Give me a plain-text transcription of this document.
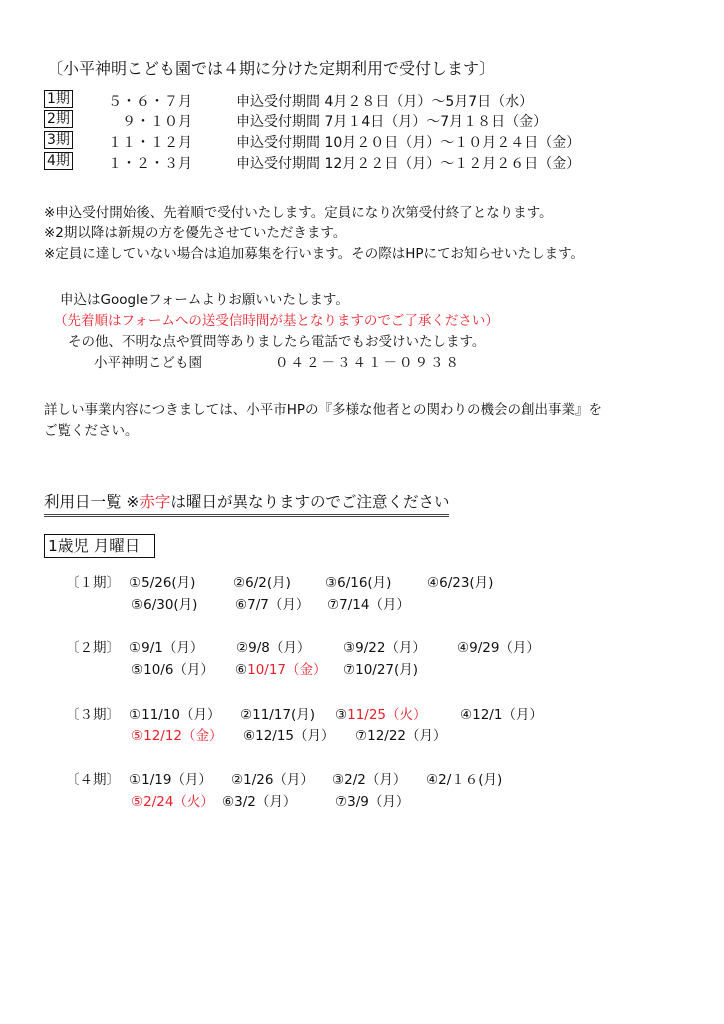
〔小平神明こども園では４期に分けた定期利用で受付します〕
1期	５・６・７月	申込受付期間 4月２８日（月）～5月7日（水）
2期	９・１０月	申込受付期間 7月１4日（月）～7月１８日（金）
3期	１１・１２月	申込受付期間 10月２０日（月）～１０月２４日（金）
4期	１・２・３月	申込受付期間 12月２２日（月）～１２月２６日（金）
※申込受付開始後、先着順で受付いたします。定員になり次第受付終了となります。
※2期以降は新規の方を優先させていただきます。
※定員に達していない場合は追加募集を行います。その際はHPにてお知らせいたします。
申込はGoogleフォームよりお願いいたします。
（先着順はフォームへの送受信時間が基となりますのでご了承ください）
その他、不明な点や質問等ありましたら電話でもお受けいたします。
小平神明こども園	０４２－３４１－０９３８
詳しい事業内容につきましては、小平市HPの『多様な他者との関わりの機会の創出事業』を
ご覧ください。
利用日一覧 ※赤字は曜日が異なりますのでご注意ください
1歳児 月曜日
〔１期〕 ①5/26(月)	②6/2(月)	③6/16(月)	④6/23(月)
⑤6/30(月)	⑥7/7（月） ⑦7/14（月）
〔２期〕 ①9/1（月） ②9/8（月） ③9/22（月） ④9/29（月）
⑤10/6（月） ⑥10/17（金） ⑦10/27(月)
〔３期〕 ①11/10（月） ②11/17(月) ③11/25（火） ④12/1（月）
⑤12/12（金） ⑥12/15（月） ⑦12/22（月）
〔４期〕 ①1/19（月） ②1/26（月） ③2/2（月） ④2/１６(月)
⑤2/24（火） ⑥3/2（月）	⑦3/9（月）
